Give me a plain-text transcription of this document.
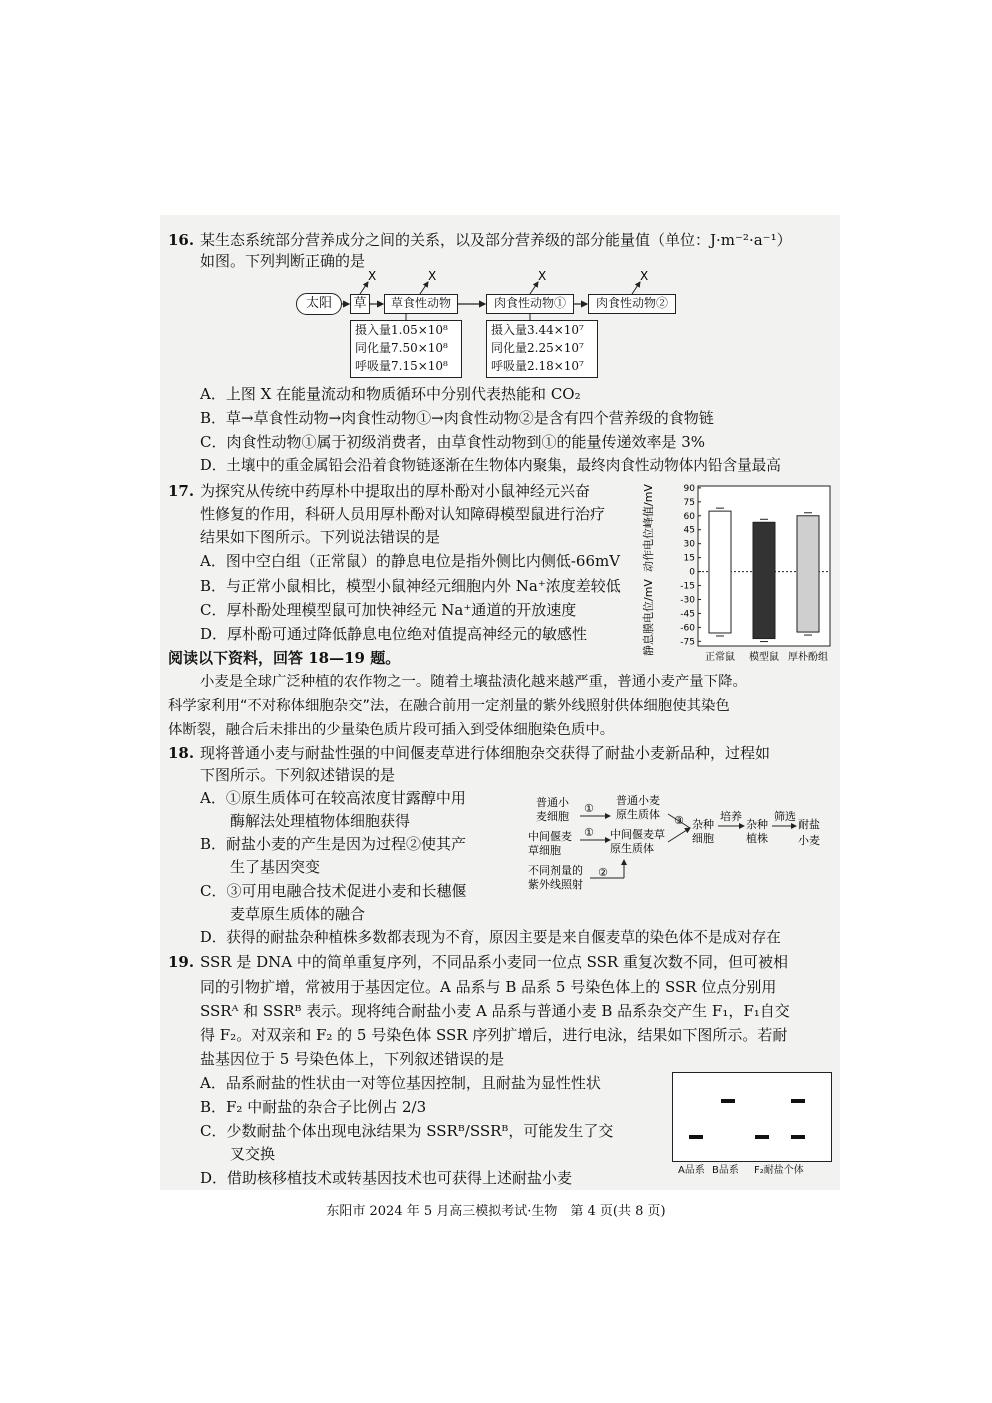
16. 某生态系统部分营养成分之间的关系，以及部分营养级的部分能量值（单位：J·m⁻²·a⁻¹）
如图。下列判断正确的是
太阳	草	草食性动物	肉食性动物①	肉食性动物②
X	X	X	X
摄入量1.05×10⁸
同化量7.50×10⁸
呼吸量7.15×10⁸
摄入量3.44×10⁷
同化量2.25×10⁷
呼吸量2.18×10⁷
A．上图 X 在能量流动和物质循环中分别代表热能和 CO₂
B．草→草食性动物→肉食性动物①→肉食性动物②是含有四个营养级的食物链
C．肉食性动物①属于初级消费者，由草食性动物到①的能量传递效率是 3%
D．土壤中的重金属铅会沿着食物链逐渐在生物体内聚集，最终肉食性动物体内铅含量最高
17. 为探究从传统中药厚朴中提取出的厚朴酚对小鼠神经元兴奋
性修复的作用，科研人员用厚朴酚对认知障碍模型鼠进行治疗
结果如下图所示。下列说法错误的是
A．图中空白组（正常鼠）的静息电位是指外侧比内侧低-66mV
B．与正常小鼠相比，模型小鼠神经元细胞内外 Na⁺浓度差较低
C．厚朴酚处理模型鼠可加快神经元 Na⁺通道的开放速度
D．厚朴酚可通过降低静息电位绝对值提高神经元的敏感性
动作电位峰值/mV
静息膜电位/mV
90
75
60
45
30
15
0
-15
-30
-45
-60
-75
正常鼠 模型鼠 厚朴酚组
阅读以下资料，回答 18—19 题。
小麦是全球广泛种植的农作物之一。随着土壤盐渍化越来越严重，普通小麦产量下降。
科学家利用“不对称体细胞杂交”法，在融合前用一定剂量的紫外线照射供体细胞使其染色
体断裂，融合后未排出的少量染色质片段可插入到受体细胞染色质中。
18. 现将普通小麦与耐盐性强的中间偃麦草进行体细胞杂交获得了耐盐小麦新品种，过程如
下图所示。下列叙述错误的是
A．①原生质体可在较高浓度甘露醇中用
酶解法处理植物体细胞获得
B．耐盐小麦的产生是因为过程②使其产
生了基因突变
C．③可用电融合技术促进小麦和长穗偃
麦草原生质体的融合
D．获得的耐盐杂种植株多数都表现为不育，原因主要是来自偃麦草的染色体不是成对存在
普通小
麦细胞
中间偃麦
草细胞
不同剂量的
紫外线照射
①
①
②
普通小麦
原生质体
中间偃麦草
原生质体
③ 杂种
细胞
培养
杂种
植株
筛选
耐盐
小麦
19. SSR 是 DNA 中的简单重复序列，不同品系小麦同一位点 SSR 重复次数不同，但可被相
同的引物扩增，常被用于基因定位。A 品系与 B 品系 5 号染色体上的 SSR 位点分别用
SSRᴬ 和 SSRᴮ 表示。现将纯合耐盐小麦 A 品系与普通小麦 B 品系杂交产生 F₁，F₁自交
得 F₂。对双亲和 F₂ 的 5 号染色体 SSR 序列扩增后，进行电泳，结果如下图所示。若耐
盐基因位于 5 号染色体上，下列叙述错误的是
A．品系耐盐的性状由一对等位基因控制，且耐盐为显性性状
B．F₂ 中耐盐的杂合子比例占 2/3
C．少数耐盐个体出现电泳结果为 SSRᴮ/SSRᴮ，可能发生了交
叉交换
D．借助核移植技术或转基因技术也可获得上述耐盐小麦	A品系 B品系 F₂耐盐个体
东阳市 2024 年 5 月高三模拟考试·生物　第 4 页(共 8 页)
